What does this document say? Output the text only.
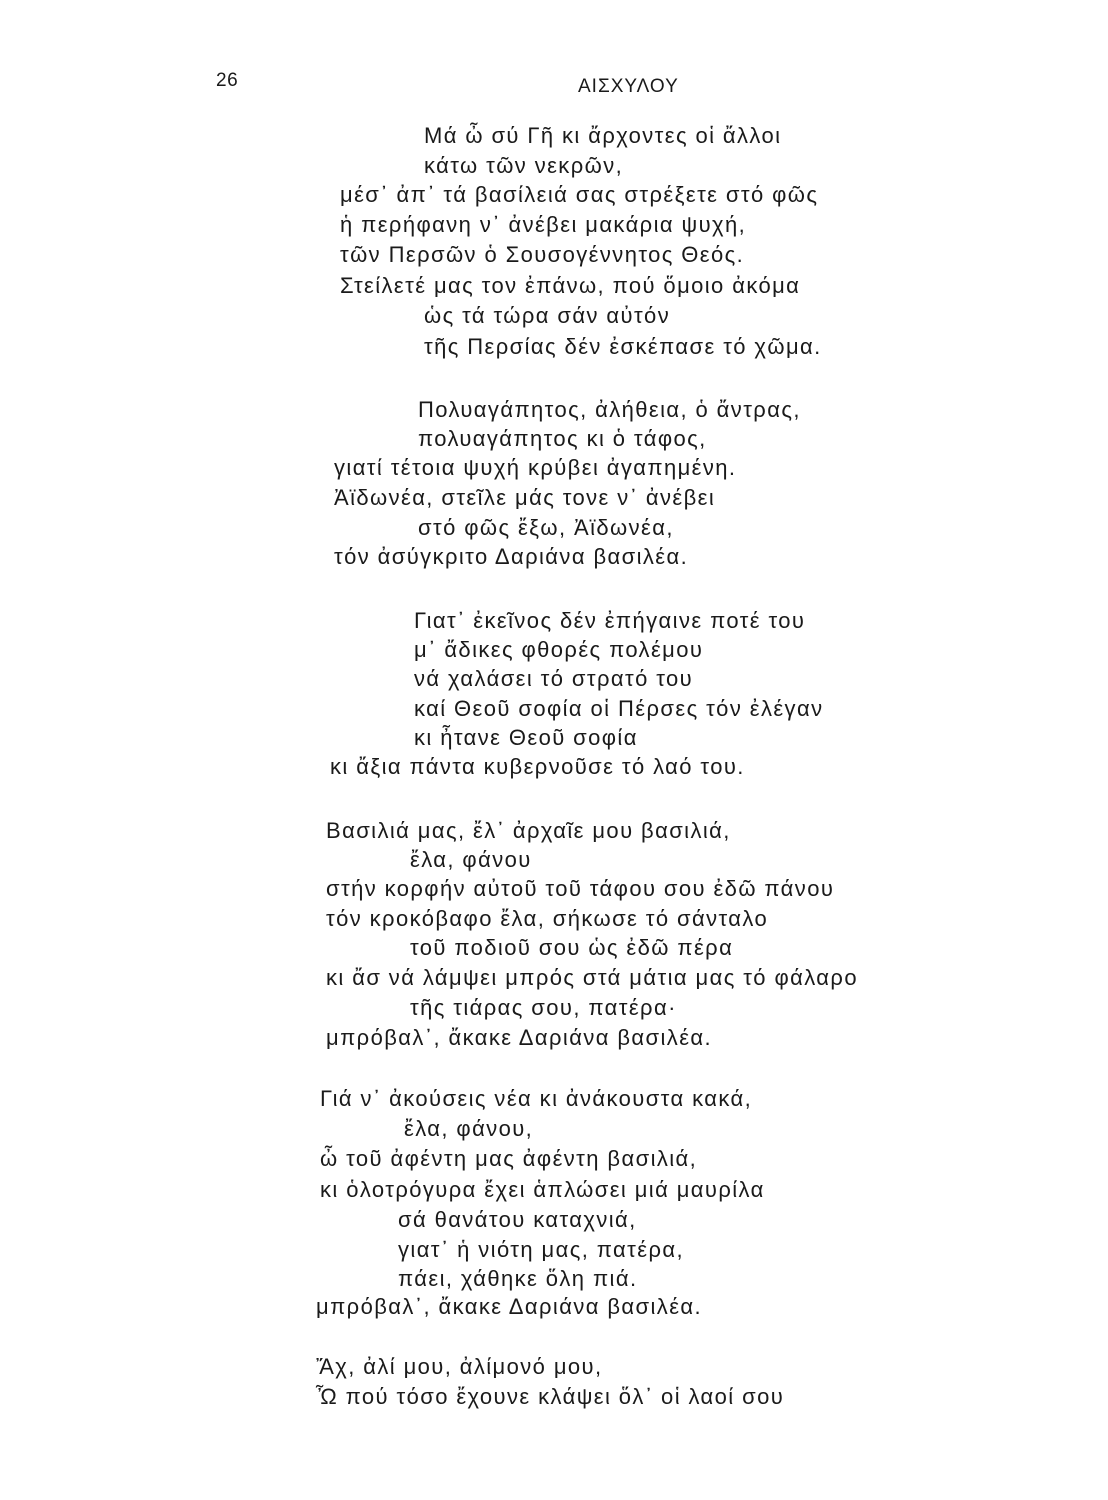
26	ΑΙΣΧΥΛΟΥ
Μά ὦ σύ Γῆ κι ἄρχοντες οἱ ἄλλοι
κάτω τῶν νεκρῶν,
μέσ᾽ ἀπ᾽ τά βασίλειά σας στρέξετε στό φῶς
ἡ περήφανη ν᾽ ἀνέβει μακάρια ψυχή,
τῶν Περσῶν ὁ Σουσογέννητος Θεός.
Στείλετέ μας τον ἐπάνω, πού ὅμοιο ἀκόμα
ὡς τά τώρα σάν αὐτόν
τῆς Περσίας δέν ἐσκέπασε τό χῶμα.
Πολυαγάπητος, ἀλήθεια, ὁ ἄντρας,
πολυαγάπητος κι ὁ τάφος,
γιατί τέτοια ψυχή κρύβει ἀγαπημένη.
Ἀϊδωνέα, στεῖλε μάς τονε ν᾽ ἀνέβει
στό φῶς ἔξω, Ἀϊδωνέα,
τόν ἀσύγκριτο Δαριάνα βασιλέα.
Γιατ᾽ ἐκεῖνος δέν ἐπήγαινε ποτέ του
μ᾽ ἄδικες φθορές πολέμου
νά χαλάσει τό στρατό του
καί Θεοῦ σοφία οἱ Πέρσες τόν ἐλέγαν
κι ἦτανε Θεοῦ σοφία
κι ἄξια πάντα κυβερνοῦσε τό λαό του.
Βασιλιά μας, ἔλ᾽ ἀρχαῖε μου βασιλιά,
ἔλα, φάνου
στήν κορφήν αὐτοῦ τοῦ τάφου σου ἐδῶ πάνου
τόν κροκόβαφο ἔλα, σήκωσε τό σάνταλο
τοῦ ποδιοῦ σου ὡς ἐδῶ πέρα
κι ἄσ νά λάμψει μπρός στά μάτια μας τό φάλαρο
τῆς τιάρας σου, πατέρα·
μπρόβαλ᾽, ἄκακε Δαριάνα βασιλέα.
Γιά ν᾽ ἀκούσεις νέα κι ἀνάκουστα κακά,
ἔλα, φάνου,
ὦ τοῦ ἀφέντη μας ἀφέντη βασιλιά,
κι ὁλοτρόγυρα ἔχει ἁπλώσει μιά μαυρίλα
σά θανάτου καταχνιά,
γιατ᾽ ἡ νιότη μας, πατέρα,
πάει, χάθηκε ὅλη πιά.
μπρόβαλ᾽, ἄκακε Δαριάνα βασιλέα.
Ἄχ, ἀλί μου, ἀλίμονό μου,
Ὦ πού τόσο ἔχουνε κλάψει ὅλ᾽ οἱ λαοί σου
